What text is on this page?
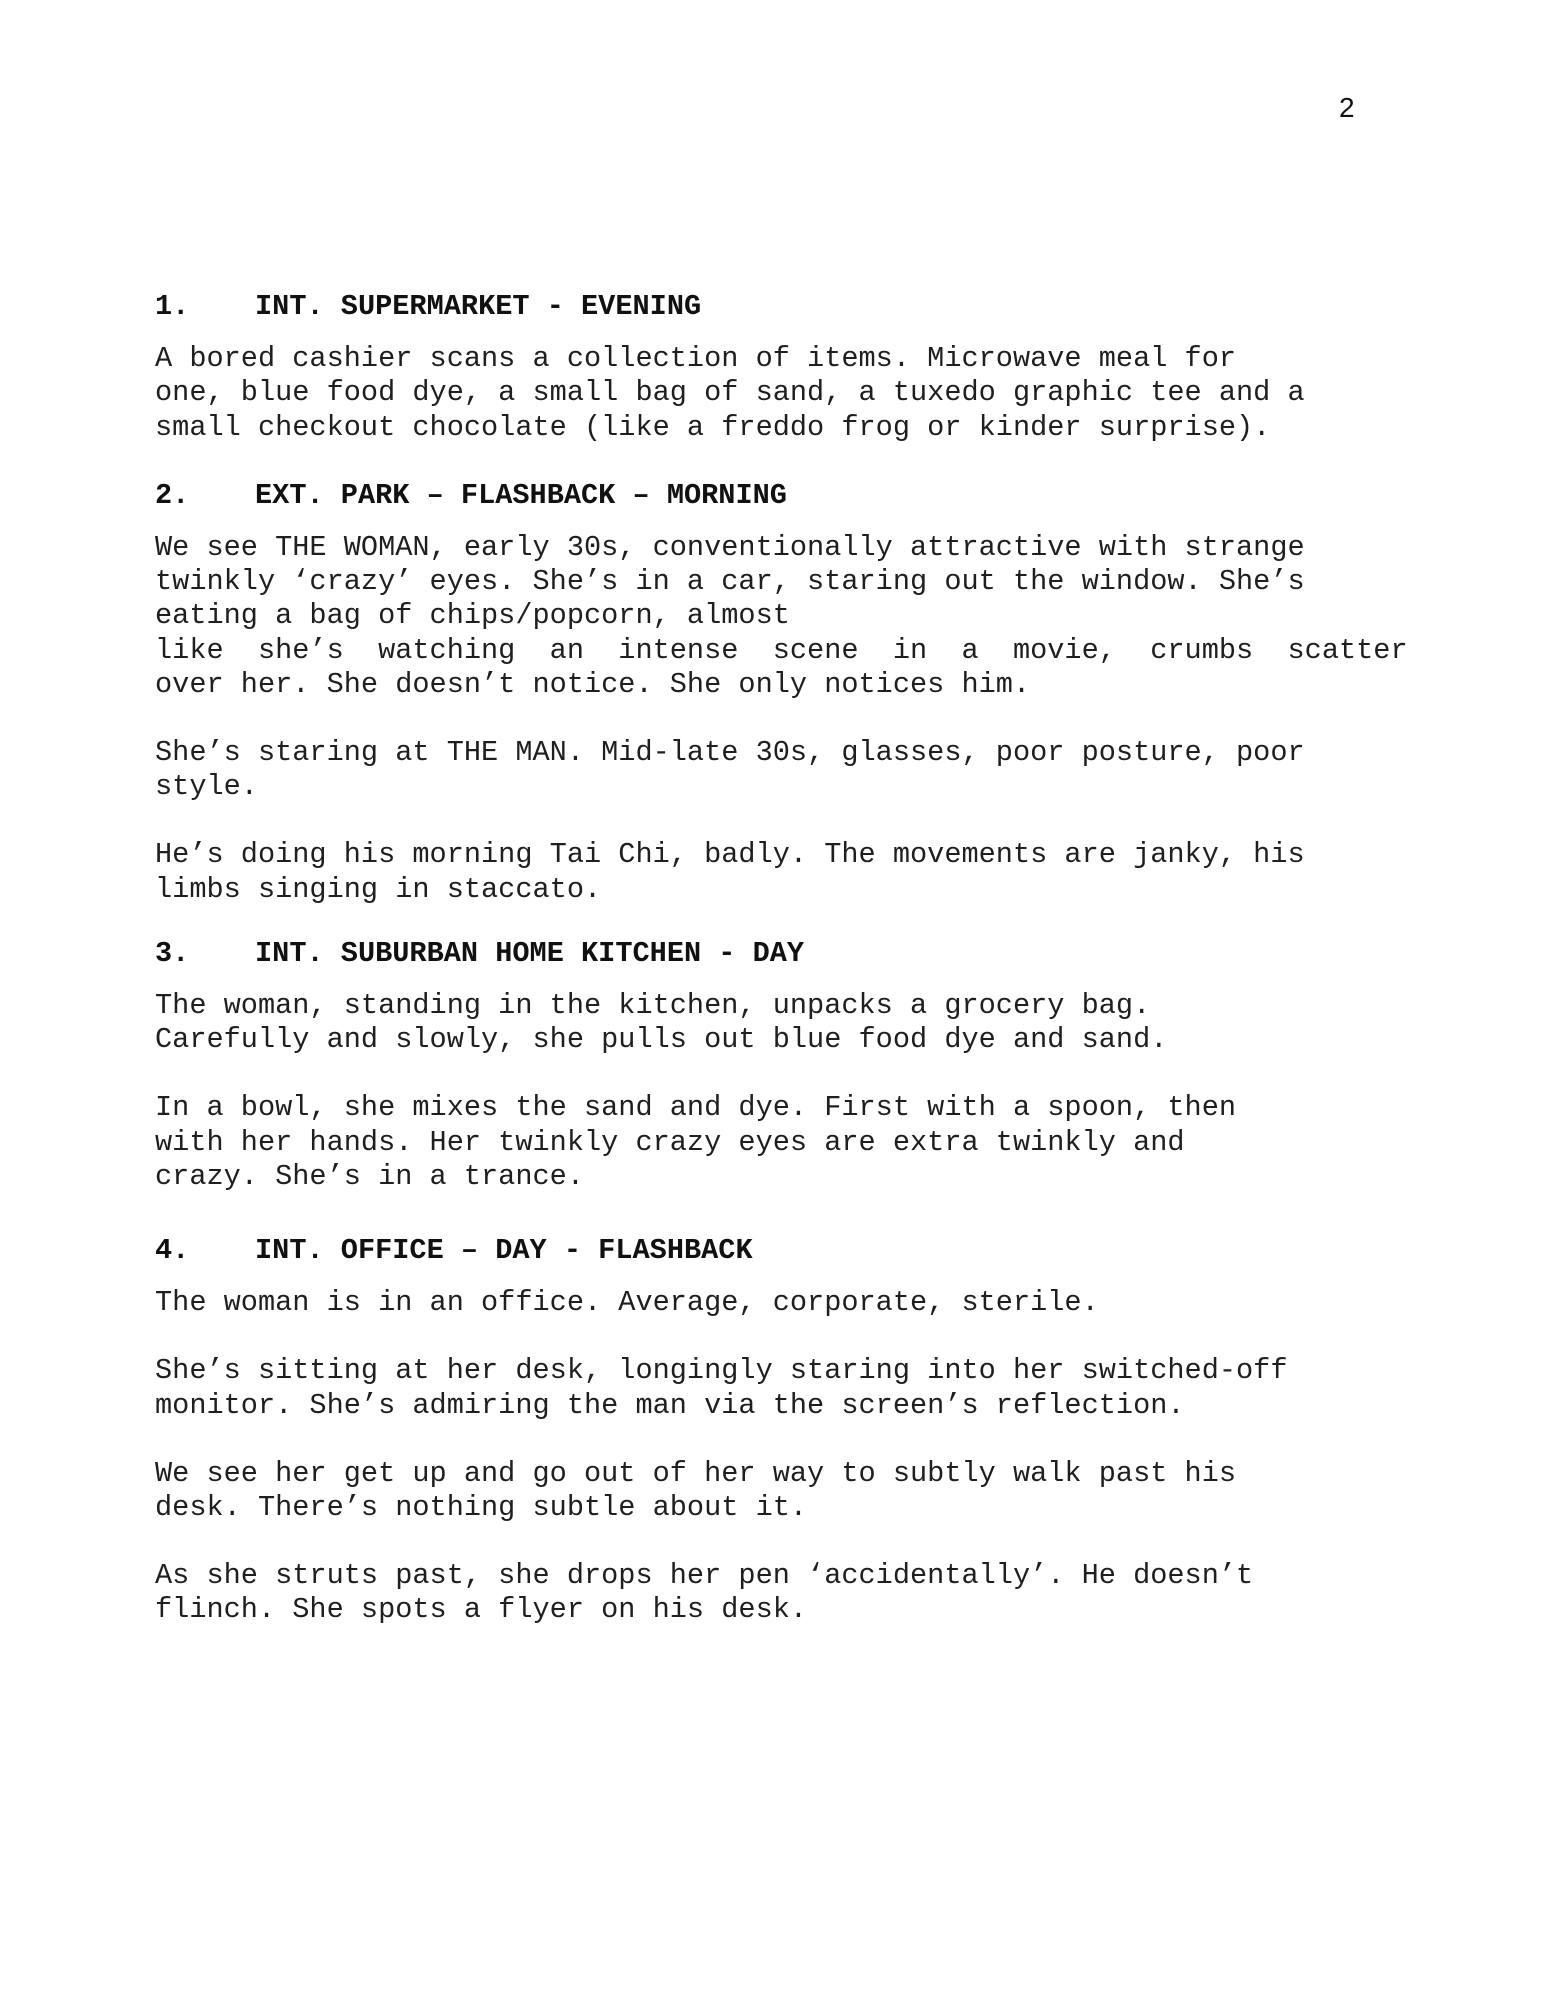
2
1. INT. SUPERMARKET - EVENING
A bored cashier scans a collection of items. Microwave meal for
one, blue food dye, a small bag of sand, a tuxedo graphic tee and a
small checkout chocolate (like a freddo frog or kinder surprise).
2. EXT. PARK – FLASHBACK – MORNING
We see THE WOMAN, early 30s, conventionally attractive with strange
twinkly ‘crazy’ eyes. She’s in a car, staring out the window. She’s
eating a bag of chips/popcorn, almost
like  she’s  watching  an  intense  scene  in  a  movie,  crumbs  scatter
over her. She doesn’t notice. She only notices him.
She’s staring at THE MAN. Mid-late 30s, glasses, poor posture, poor
style.
He’s doing his morning Tai Chi, badly. The movements are janky, his
limbs singing in staccato.
3. INT. SUBURBAN HOME KITCHEN - DAY
The woman, standing in the kitchen, unpacks a grocery bag.
Carefully and slowly, she pulls out blue food dye and sand.
In a bowl, she mixes the sand and dye. First with a spoon, then
with her hands. Her twinkly crazy eyes are extra twinkly and
crazy. She’s in a trance.
4. INT. OFFICE – DAY - FLASHBACK
The woman is in an office. Average, corporate, sterile.
She’s sitting at her desk, longingly staring into her switched-off
monitor. She’s admiring the man via the screen’s reflection.
We see her get up and go out of her way to subtly walk past his
desk. There’s nothing subtle about it.
As she struts past, she drops her pen ‘accidentally’. He doesn’t
flinch. She spots a flyer on his desk.
